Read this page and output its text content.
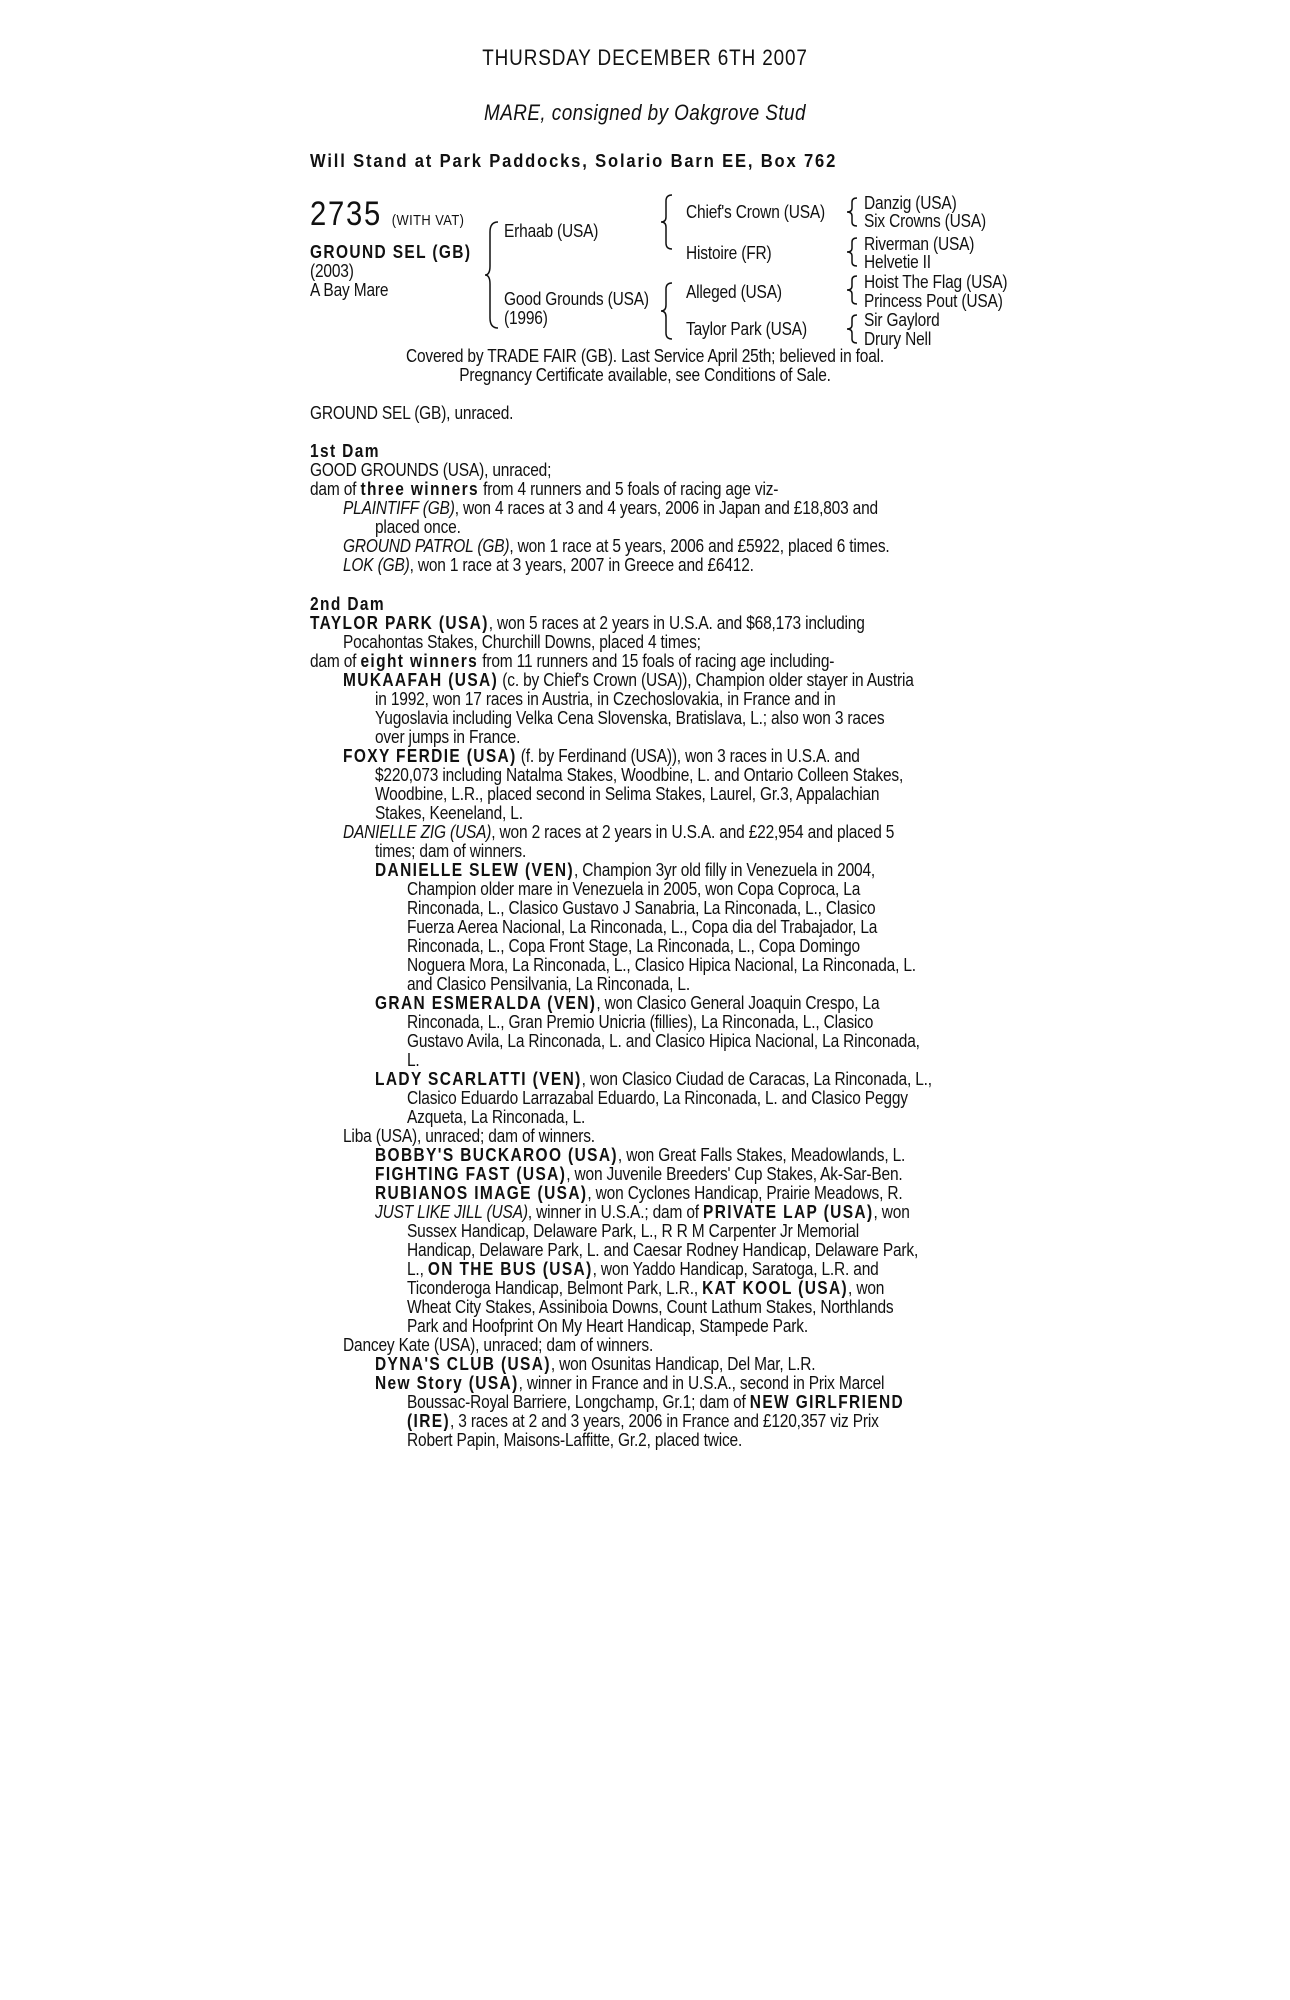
THURSDAY DECEMBER 6TH 2007
MARE, consigned by Oakgrove Stud
Will Stand at Park Paddocks, Solario Barn EE, Box 762
2735 (WITH VAT)
GROUND SEL (GB)
(2003)
A Bay Mare
Erhaab (USA)
Good Grounds (USA)
(1996)
Chief's Crown (USA)
Histoire (FR)
Alleged (USA)
Taylor Park (USA)
Danzig (USA)
Six Crowns (USA)
Riverman (USA)
Helvetie II
Hoist The Flag (USA)
Princess Pout (USA)
Sir Gaylord
Drury Nell
Covered by TRADE FAIR (GB). Last Service April 25th; believed in foal.
Pregnancy Certificate available, see Conditions of Sale.
GROUND SEL (GB), unraced.
1st Dam
GOOD GROUNDS (USA), unraced;
dam of three winners from 4 runners and 5 foals of racing age viz-
PLAINTIFF (GB), won 4 races at 3 and 4 years, 2006 in Japan and £18,803 and
placed once.
GROUND PATROL (GB), won 1 race at 5 years, 2006 and £5922, placed 6 times.
LOK (GB), won 1 race at 3 years, 2007 in Greece and £6412.
2nd Dam
TAYLOR PARK (USA), won 5 races at 2 years in U.S.A. and $68,173 including
Pocahontas Stakes, Churchill Downs, placed 4 times;
dam of eight winners from 11 runners and 15 foals of racing age including-
MUKAAFAH (USA) (c. by Chief's Crown (USA)), Champion older stayer in Austria
in 1992, won 17 races in Austria, in Czechoslovakia, in France and in
Yugoslavia including Velka Cena Slovenska, Bratislava, L.; also won 3 races
over jumps in France.
FOXY FERDIE (USA) (f. by Ferdinand (USA)), won 3 races in U.S.A. and
$220,073 including Natalma Stakes, Woodbine, L. and Ontario Colleen Stakes,
Woodbine, L.R., placed second in Selima Stakes, Laurel, Gr.3, Appalachian
Stakes, Keeneland, L.
DANIELLE ZIG (USA), won 2 races at 2 years in U.S.A. and £22,954 and placed 5
times; dam of winners.
DANIELLE SLEW (VEN), Champion 3yr old filly in Venezuela in 2004,
Champion older mare in Venezuela in 2005, won Copa Coproca, La
Rinconada, L., Clasico Gustavo J Sanabria, La Rinconada, L., Clasico
Fuerza Aerea Nacional, La Rinconada, L., Copa dia del Trabajador, La
Rinconada, L., Copa Front Stage, La Rinconada, L., Copa Domingo
Noguera Mora, La Rinconada, L., Clasico Hipica Nacional, La Rinconada, L.
and Clasico Pensilvania, La Rinconada, L.
GRAN ESMERALDA (VEN), won Clasico General Joaquin Crespo, La
Rinconada, L., Gran Premio Unicria (fillies), La Rinconada, L., Clasico
Gustavo Avila, La Rinconada, L. and Clasico Hipica Nacional, La Rinconada,
L.
LADY SCARLATTI (VEN), won Clasico Ciudad de Caracas, La Rinconada, L.,
Clasico Eduardo Larrazabal Eduardo, La Rinconada, L. and Clasico Peggy
Azqueta, La Rinconada, L.
Liba (USA), unraced; dam of winners.
BOBBY'S BUCKAROO (USA), won Great Falls Stakes, Meadowlands, L.
FIGHTING FAST (USA), won Juvenile Breeders' Cup Stakes, Ak-Sar-Ben.
RUBIANOS IMAGE (USA), won Cyclones Handicap, Prairie Meadows, R.
JUST LIKE JILL (USA), winner in U.S.A.; dam of PRIVATE LAP (USA), won
Sussex Handicap, Delaware Park, L., R R M Carpenter Jr Memorial
Handicap, Delaware Park, L. and Caesar Rodney Handicap, Delaware Park,
L., ON THE BUS (USA), won Yaddo Handicap, Saratoga, L.R. and
Ticonderoga Handicap, Belmont Park, L.R., KAT KOOL (USA), won
Wheat City Stakes, Assiniboia Downs, Count Lathum Stakes, Northlands
Park and Hoofprint On My Heart Handicap, Stampede Park.
Dancey Kate (USA), unraced; dam of winners.
DYNA'S CLUB (USA), won Osunitas Handicap, Del Mar, L.R.
New Story (USA), winner in France and in U.S.A., second in Prix Marcel
Boussac-Royal Barriere, Longchamp, Gr.1; dam of NEW GIRLFRIEND
(IRE), 3 races at 2 and 3 years, 2006 in France and £120,357 viz Prix
Robert Papin, Maisons-Laffitte, Gr.2, placed twice.
